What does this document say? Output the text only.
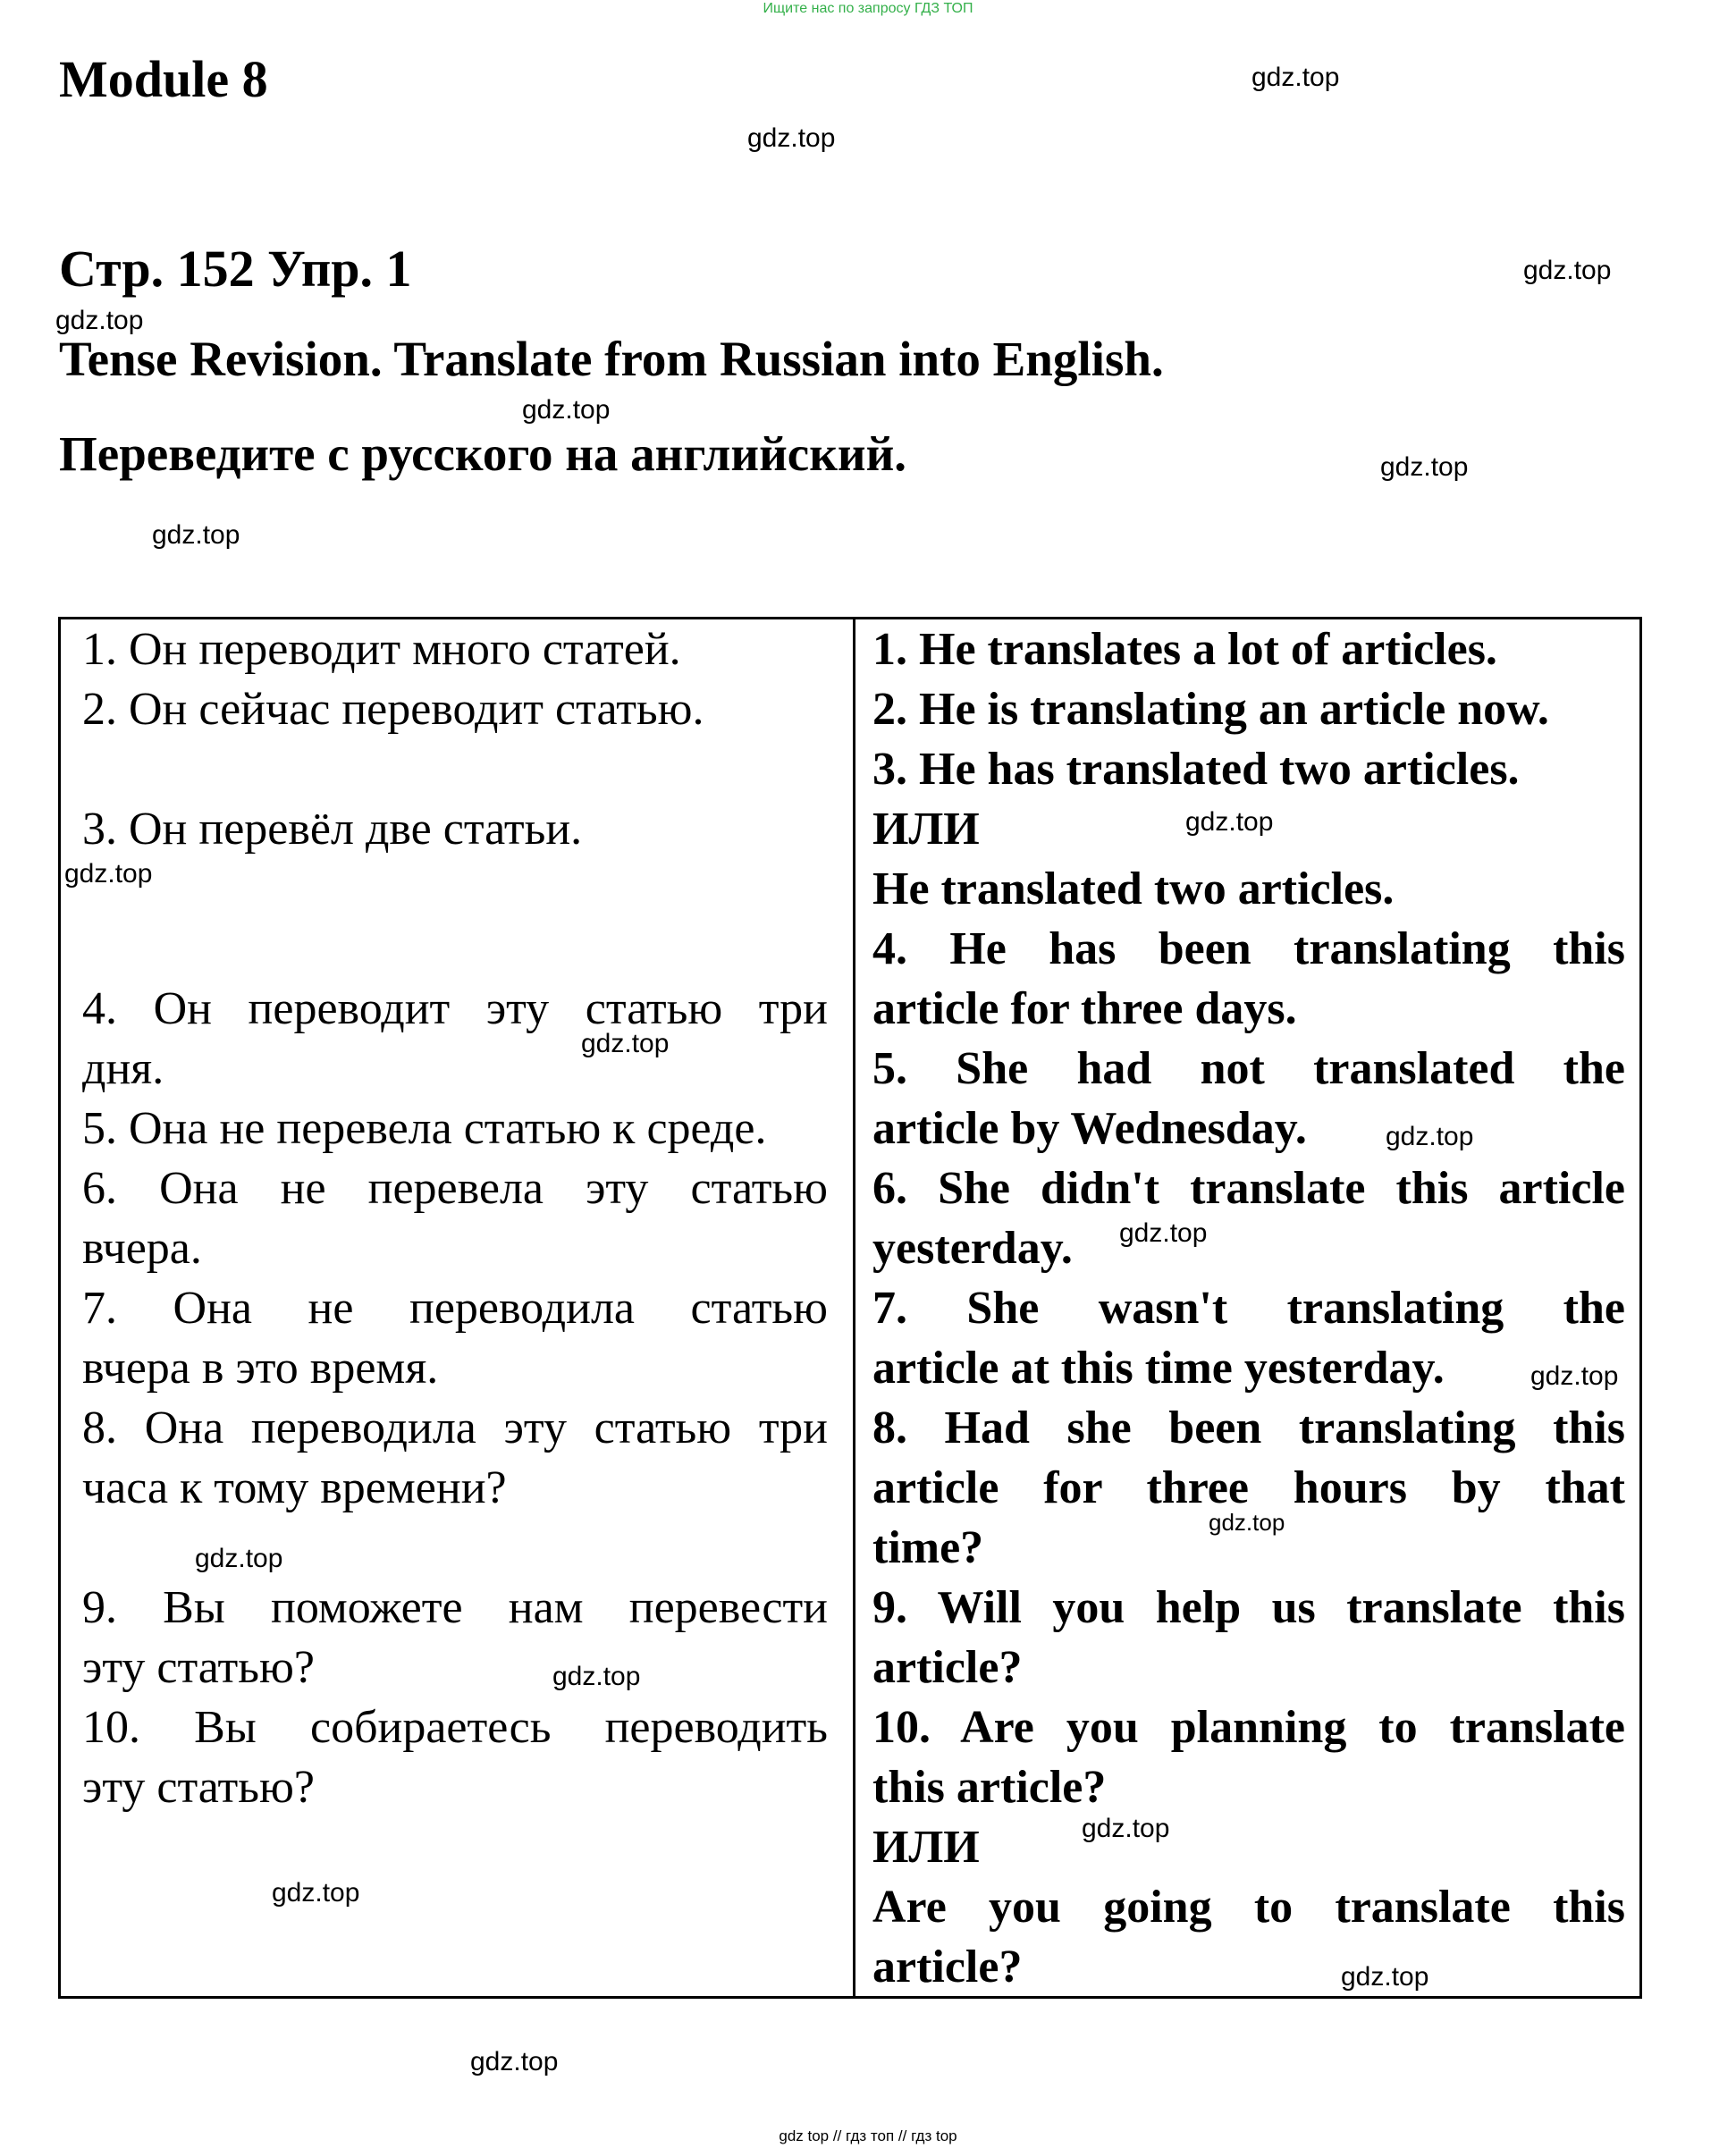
Ищите нас по запросу ГДЗ ТОП
Module 8
Стр. 152 Упр. 1
Tense Revision. Translate from Russian into English.
Переведите с русского на английский.
gdz.top
gdz.top
gdz.top
gdz.top
gdz.top
gdz.top
gdz.top
gdz.top
1. Он переводит много статей.
2. Он сейчас переводит статью.
3. Он перевёл две статьи.
4. Он переводит эту статью три
дня.
5. Она не перевела статью к среде.
6. Она не перевела эту статью
вчера.
7. Она не переводила статью
вчера в это время.
8. Она переводила эту статью три
часа к тому времени?
9. Вы поможете нам перевести
эту статью?
10. Вы собираетесь переводить
эту статью?
1. He translates a lot of articles.
2. He is translating an article now.
3. He has translated two articles.
ИЛИ
He translated two articles.
4. He has been translating this
article for three days.
5. She had not translated the
article by Wednesday.
6. She didn't translate this article
yesterday.
7. She wasn't translating the
article at this time yesterday.
8. Had she been translating this
article for three hours by that
time?
9. Will you help us translate this
article?
10. Are you planning to translate
this article?
ИЛИ
Are you going to translate this
article?
gdz.top
gdz.top
gdz.top
gdz.top
gdz.top
gdz.top
gdz.top
gdz.top
gdz.top
gdz.top
gdz.top
gdz.top
gdz top // гдз топ // гдз top
